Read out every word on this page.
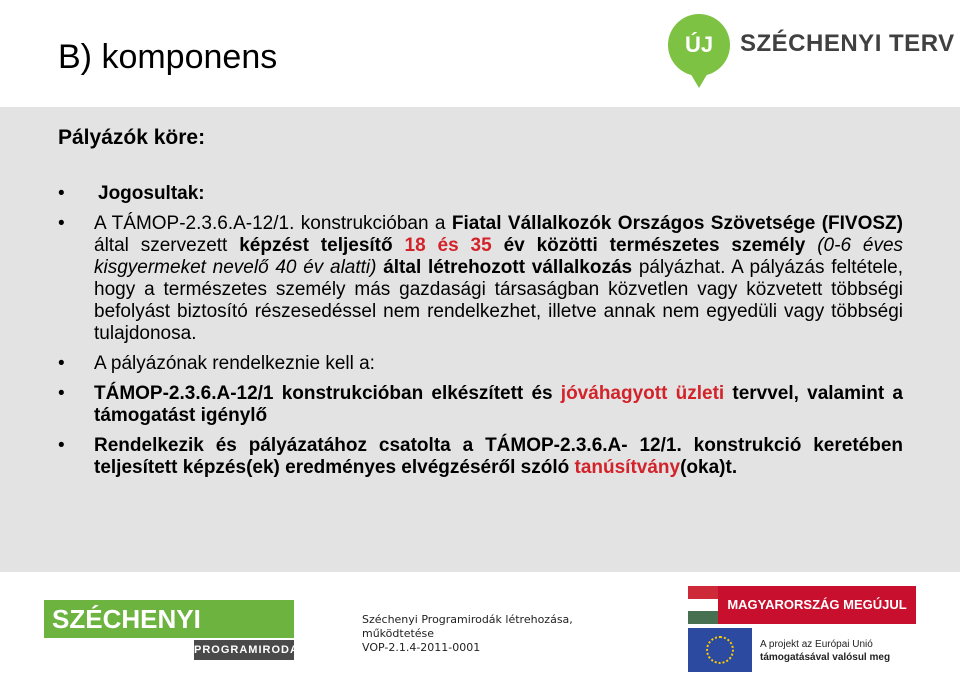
B) komponens	ÚJ	SZÉCHENYI TERV
Pályázók köre:
• Jogosultak:
• A TÁMOP-2.3.6.A-12/1. konstrukcióban a Fiatal Vállalkozók Országos Szövetsége (FIVOSZ) által szervezett képzést teljesítő 18 és 35 év közötti természetes személy (0-6 éves kisgyermeket nevelő 40 év alatti) által létrehozott vállalkozás pályázhat. A pályázás feltétele, hogy a természetes személy más gazdasági társaságban közvetlen vagy közvetett többségi befolyást biztosító részesedéssel nem rendelkezhet, illetve annak nem egyedüli vagy többségi tulajdonosa.
• A pályázónak rendelkeznie kell a:
• TÁMOP-2.3.6.A-12/1 konstrukcióban elkészített és jóváhagyott üzleti tervvel, valamint a támogatást igénylő
• Rendelkezik és pályázatához csatolta a TÁMOP-2.3.6.A- 12/1. konstrukció keretében teljesített képzés(ek) eredményes elvégzéséről szóló tanúsítvány(oka)t.
SZÉCHENYI
PROGRAMIRODA
Széchenyi Programirodák létrehozása,
működtetése
VOP-2.1.4-2011-0001
MAGYARORSZÁG MEGÚJUL
A projekt az Európai Unió
támogatásával valósul meg
